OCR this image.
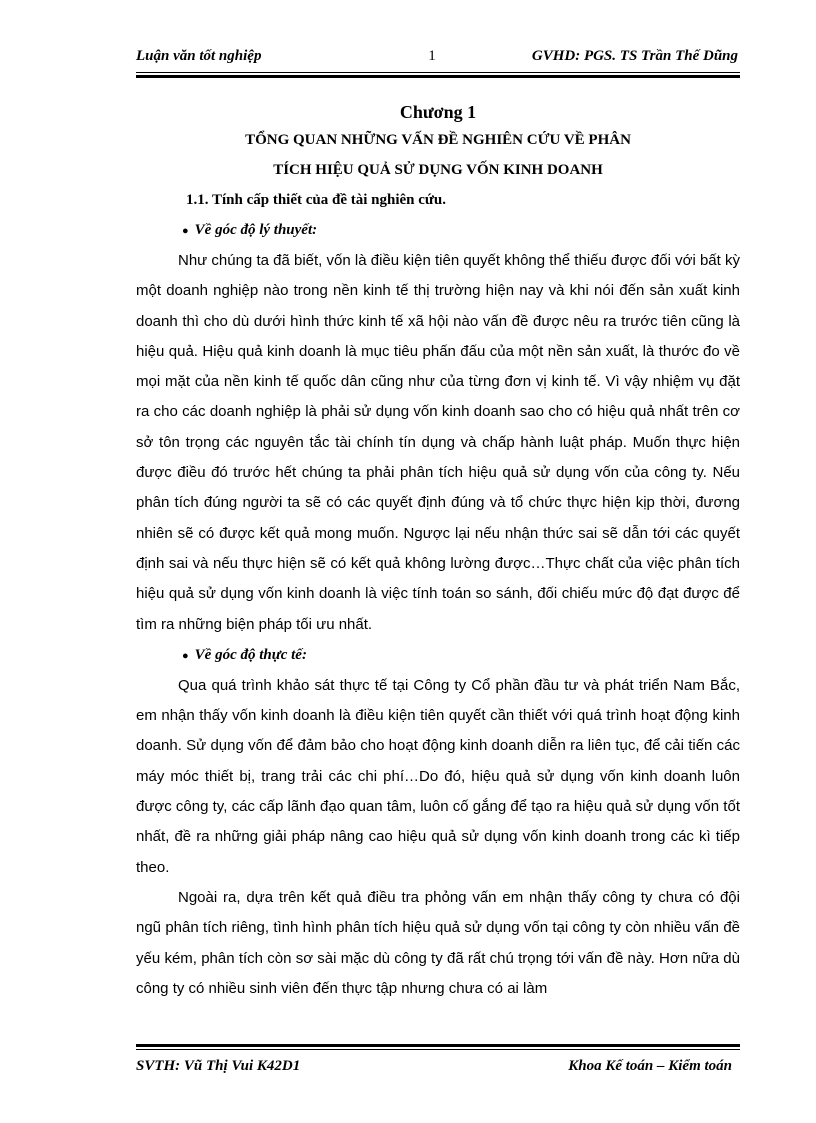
Luận văn tốt nghiệp	1	GVHD: PGS. TS Trần Thế Dũng
Chương 1
TỔNG QUAN NHỮNG VẤN ĐỀ NGHIÊN CỨU VỀ PHÂN
TÍCH HIỆU QUẢ SỬ DỤNG VỐN KINH DOANH
1.1. Tính cấp thiết của đề tài nghiên cứu.
● Về góc độ lý thuyết:

Như chúng ta đã biết, vốn là điều kiện tiên quyết không thể thiếu được đối với bất kỳ một doanh nghiệp nào trong nền kinh tế thị trường hiện nay và khi nói đến sản xuất kinh doanh thì cho dù dưới hình thức kinh tế xã hội nào vấn đề được nêu ra trước tiên cũng là hiệu quả. Hiệu quả kinh doanh là mục tiêu phấn đấu của một nền sản xuất, là thước đo về mọi mặt của nền kinh tế quốc dân cũng như của từng đơn vị kinh tế. Vì vậy nhiệm vụ đặt ra cho các doanh nghiệp là phải sử dụng vốn kinh doanh sao cho có hiệu quả nhất trên cơ sở tôn trọng các nguyên tắc tài chính tín dụng và chấp hành luật pháp. Muốn thực hiện được điều đó trước hết chúng ta phải phân tích hiệu quả sử dụng vốn của công ty. Nếu phân tích đúng người ta sẽ có các quyết định đúng và tổ chức thực hiện kịp thời, đương nhiên sẽ có được kết quả mong muốn. Ngược lại nếu nhận thức sai sẽ dẫn tới các quyết định sai và nếu thực hiện sẽ có kết quả không lường được…Thực chất của việc phân tích hiệu quả sử dụng vốn kinh doanh là việc tính toán so sánh, đối chiếu mức độ đạt được để tìm ra những biện pháp tối ưu nhất.

● Về góc độ thực tế:

Qua quá trình khảo sát thực tế tại Công ty Cổ phần đầu tư và phát triển Nam Bắc, em nhận thấy vốn kinh doanh là điều kiện tiên quyết cần thiết với quá trình hoạt động kinh doanh. Sử dụng vốn để đảm bảo cho hoạt động kinh doanh diễn ra liên tục, để cải tiến các máy móc thiết bị, trang trải các chi phí…Do đó, hiệu quả sử dụng vốn kinh doanh luôn được công ty, các cấp lãnh đạo quan tâm, luôn cố gắng để tạo ra hiệu quả sử dụng vốn tốt nhất, đề ra những giải pháp nâng cao hiệu quả sử dụng vốn kinh doanh trong các kì tiếp theo.

Ngoài ra, dựa trên kết quả điều tra phỏng vấn em nhận thấy công ty chưa có đội ngũ phân tích riêng, tình hình phân tích hiệu quả sử dụng vốn tại công ty còn nhiều vấn đề yếu kém, phân tích còn sơ sài mặc dù công ty đã rất chú trọng tới vấn đề này. Hơn nữa dù công ty có nhiều sinh viên đến thực tập nhưng chưa có ai làm

SVTH: Vũ Thị Vui K42D1	Khoa Kế toán – Kiểm toán
